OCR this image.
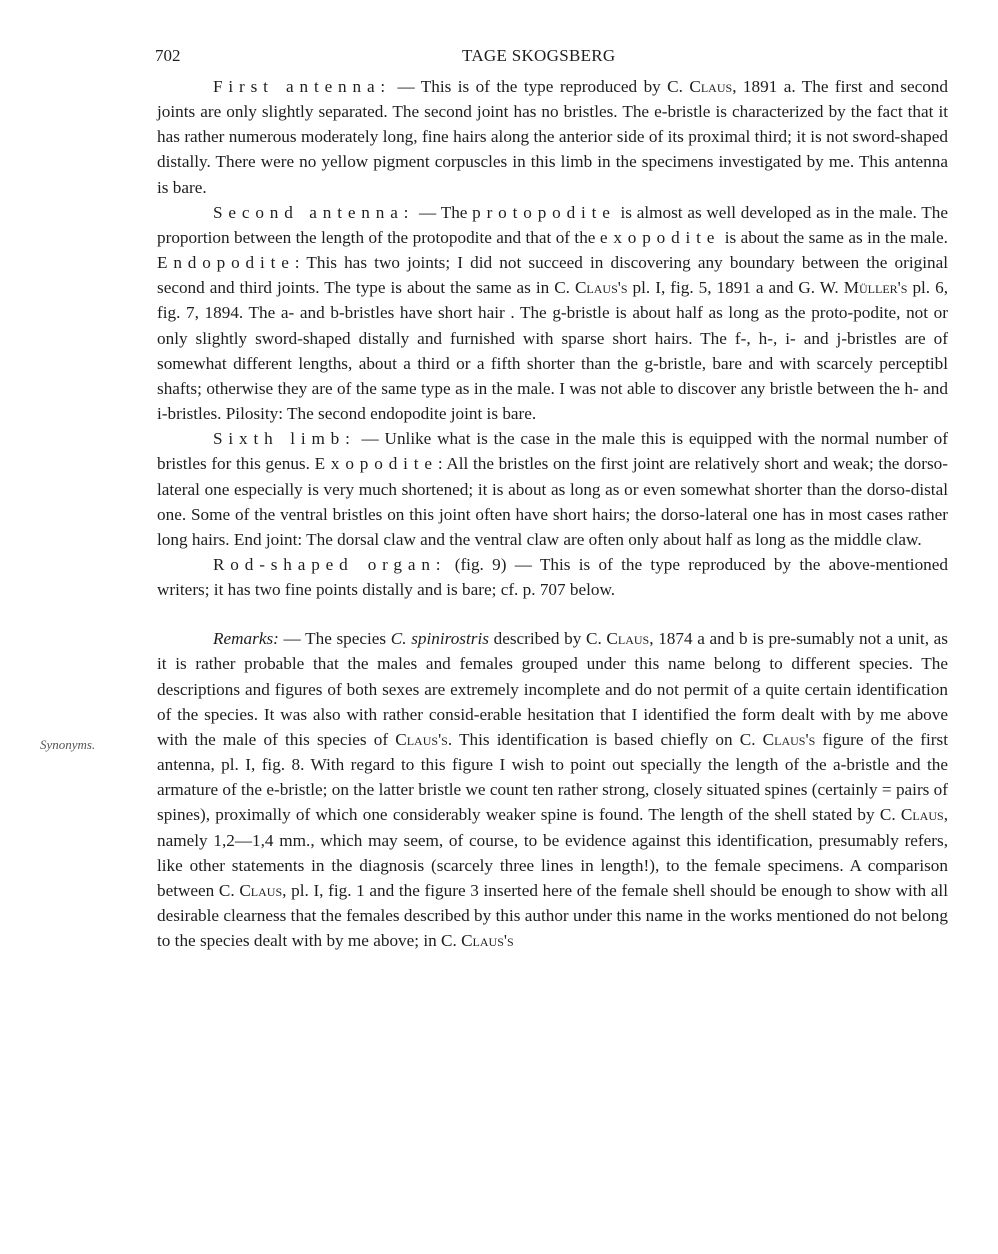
702	TAGE SKOGSBERG
Synonyms.

First antenna: — This is of the type reproduced by C. Claus, 1891 a. The first and second joints are only slightly separated. The second joint has no bristles. The e-bristle is characterized by the fact that it has rather numerous moderately long, fine hairs along the anterior side of its proximal third; it is not sword-shaped distally. There were no yellow pigment corpuscles in this limb in the specimens investigated by me. This antenna is bare.

Second antenna: — The protopodite is almost as well developed as in the male. The proportion between the length of the protopodite and that of the exopodite is about the same as in the male. Endopodite: This has two joints; I did not succeed in discovering any boundary between the original second and third joints. The type is about the same as in C. Claus's pl. I, fig. 5, 1891 a and G. W. Müller's pl. 6, fig. 7, 1894. The a- and b-bristles have short hair . The g-bristle is about half as long as the proto-podite, not or only slightly sword-shaped distally and furnished with sparse short hairs. The f-, h-, i- and j-bristles are of somewhat different lengths, about a third or a fifth shorter than the g-bristle, bare and with scarcely perceptibl shafts; otherwise they are of the same type as in the male. I was not able to discover any bristle between the h- and i-bristles. Pilosity: The second endopodite joint is bare.

Sixth limb: — Unlike what is the case in the male this is equipped with the normal number of bristles for this genus. Exopodite: All the bristles on the first joint are relatively short and weak; the dorso-lateral one especially is very much shortened; it is about as long as or even somewhat shorter than the dorso-distal one. Some of the ventral bristles on this joint often have short hairs; the dorso-lateral one has in most cases rather long hairs. End joint: The dorsal claw and the ventral claw are often only about half as long as the middle claw.

Rod-shaped organ: (fig. 9) — This is of the type reproduced by the above-mentioned writers; it has two fine points distally and is bare; cf. p. 707 below.

Remarks: — The species C. spinirostris described by C. Claus, 1874 a and b is pre-sumably not a unit, as it is rather probable that the males and females grouped under this name belong to different species. The descriptions and figures of both sexes are extremely incomplete and do not permit of a quite certain identification of the species. It was also with rather consid-erable hesitation that I identified the form dealt with by me above with the male of this species of Claus's. This identification is based chiefly on C. Claus's figure of the first antenna, pl. I, fig. 8. With regard to this figure I wish to point out specially the length of the a-bristle and the armature of the e-bristle; on the latter bristle we count ten rather strong, closely situated spines (certainly = pairs of spines), proximally of which one considerably weaker spine is found. The length of the shell stated by C. Claus, namely 1,2—1,4 mm., which may seem, of course, to be evidence against this identification, presumably refers, like other statements in the diagnosis (scarcely three lines in length!), to the female specimens. A comparison between C. Claus, pl. I, fig. 1 and the figure 3 inserted here of the female shell should be enough to show with all desirable clearness that the females described by this author under this name in the works mentioned do not belong to the species dealt with by me above; in C. Claus's
